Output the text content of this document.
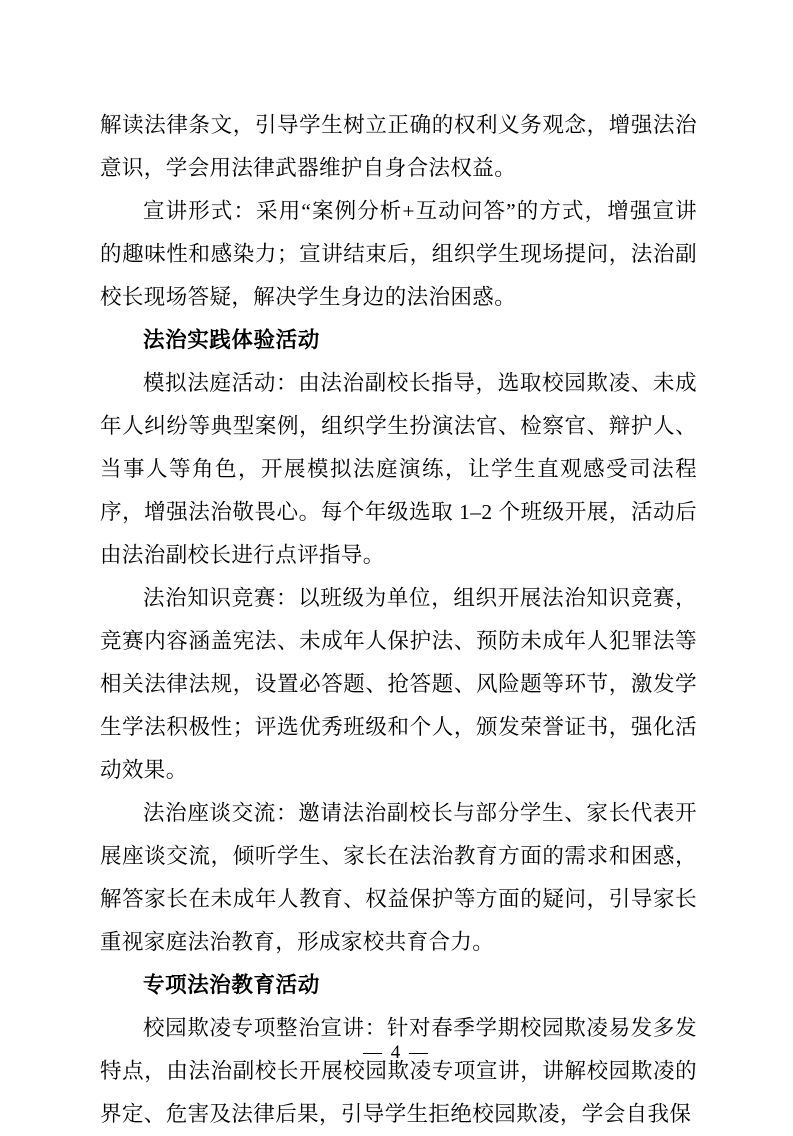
解读法律条文，引导学生树立正确的权利义务观念，增强法治意识，学会用法律武器维护自身合法权益。

宣讲形式：采用“案例分析+互动问答”的方式，增强宣讲的趣味性和感染力；宣讲结束后，组织学生现场提问，法治副校长现场答疑，解决学生身边的法治困惑。

法治实践体验活动

模拟法庭活动：由法治副校长指导，选取校园欺凌、未成年人纠纷等典型案例，组织学生扮演法官、检察官、辩护人、当事人等角色，开展模拟法庭演练，让学生直观感受司法程序，增强法治敬畏心。每个年级选取 1–2 个班级开展，活动后由法治副校长进行点评指导。

法治知识竞赛：以班级为单位，组织开展法治知识竞赛，竞赛内容涵盖宪法、未成年人保护法、预防未成年人犯罪法等相关法律法规，设置必答题、抢答题、风险题等环节，激发学生学法积极性；评选优秀班级和个人，颁发荣誉证书，强化活动效果。

法治座谈交流：邀请法治副校长与部分学生、家长代表开展座谈交流，倾听学生、家长在法治教育方面的需求和困惑，解答家长在未成年人教育、权益保护等方面的疑问，引导家长重视家庭法治教育，形成家校共育合力。

专项法治教育活动

校园欺凌专项整治宣讲：针对春季学期校园欺凌易发多发特点，由法治副校长开展校园欺凌专项宣讲，讲解校园欺凌的界定、危害及法律后果，引导学生拒绝校园欺凌，学会自我保

— 4 —
